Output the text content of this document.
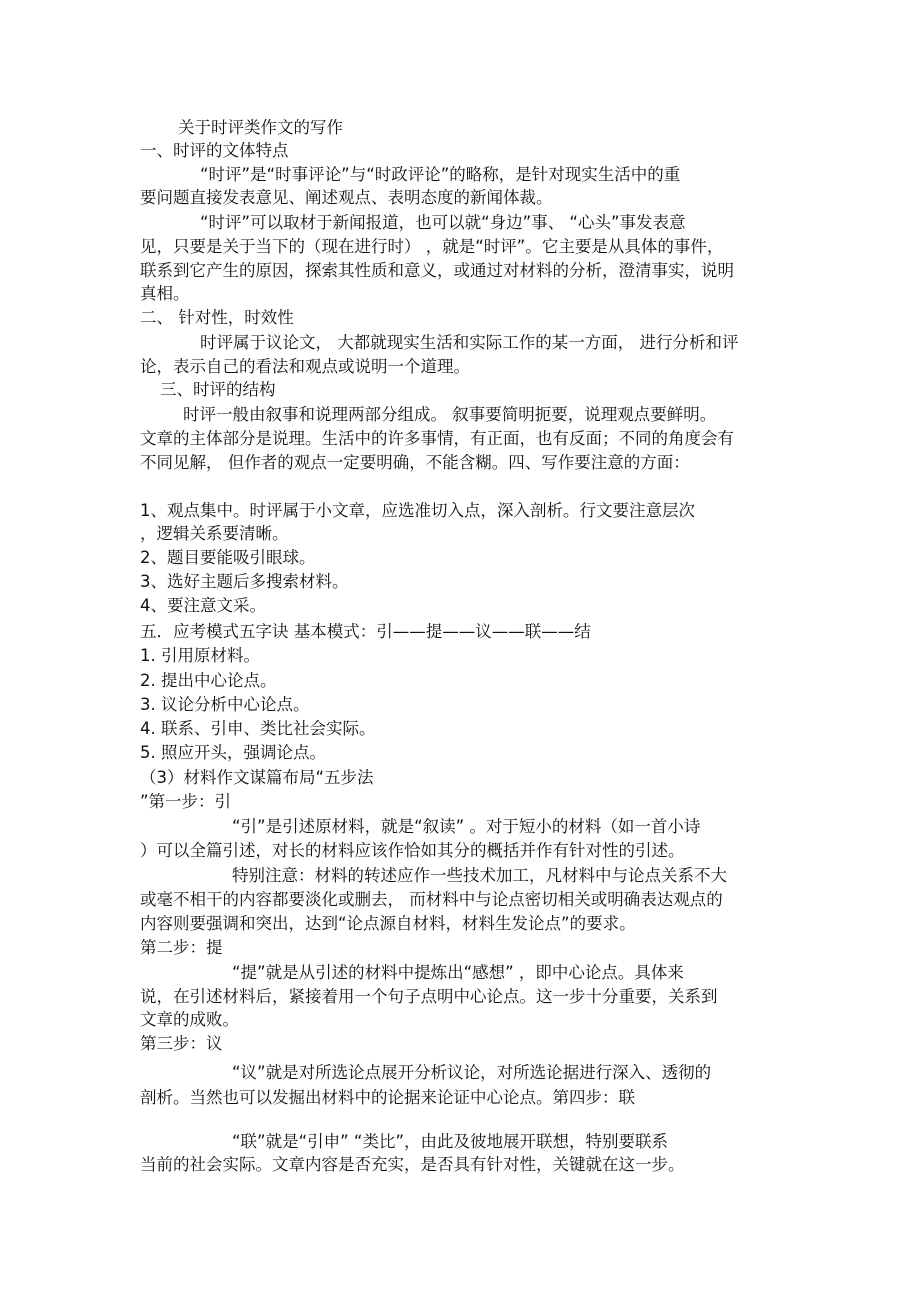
关于时评类作文的写作
一、时评的文体特点
“时评”是“时事评论”与“时政评论”的略称，是针对现实生活中的重
要问题直接发表意见、阐述观点、表明态度的新闻体裁。
“时评”可以取材于新闻报道，也可以就“身边”事、 “心头”事发表意
见，只要是关于当下的（现在进行时） ，就是“时评”。它主要是从具体的事件，
联系到它产生的原因，探索其性质和意义，或通过对材料的分析，澄清事实，说明
真相。
二、 针对性，时效性
时评属于议论文， 大都就现实生活和实际工作的某一方面， 进行分析和评
论，表示自己的看法和观点或说明一个道理。
三、时评的结构
时评一般由叙事和说理两部分组成。 叙事要简明扼要，说理观点要鲜明。
文章的主体部分是说理。生活中的许多事情，有正面，也有反面；不同的角度会有
不同见解， 但作者的观点一定要明确，不能含糊。四、写作要注意的方面：
1、观点集中。时评属于小文章，应选准切入点，深入剖析。行文要注意层次
，逻辑关系要清晰。
2、题目要能吸引眼球。
3、选好主题后多搜索材料。
4、要注意文采。
五．应考模式五字诀 基本模式：引——提——议——联——结
1. 引用原材料。
2. 提出中心论点。
3. 议论分析中心论点。
4. 联系、引申、类比社会实际。
5. 照应开头，强调论点。
（3）材料作文谋篇布局“五步法
”第一步：引
“引”是引述原材料，就是“叙读” 。对于短小的材料（如一首小诗
）可以全篇引述，对长的材料应该作恰如其分的概括并作有针对性的引述。
特别注意：材料的转述应作一些技术加工，凡材料中与论点关系不大
或毫不相干的内容都要淡化或删去， 而材料中与论点密切相关或明确表达观点的
内容则要强调和突出，达到“论点源自材料，材料生发论点”的要求。
第二步：提
“提”就是从引述的材料中提炼出“感想” ，即中心论点。具体来
说，在引述材料后，紧接着用一个句子点明中心论点。这一步十分重要，关系到
文章的成败。
第三步：议
“议”就是对所选论点展开分析议论，对所选论据进行深入、透彻的
剖析。当然也可以发掘出材料中的论据来论证中心论点。第四步：联
“联”就是“引申” “类比”，由此及彼地展开联想，特别要联系
当前的社会实际。文章内容是否充实，是否具有针对性，关键就在这一步。
